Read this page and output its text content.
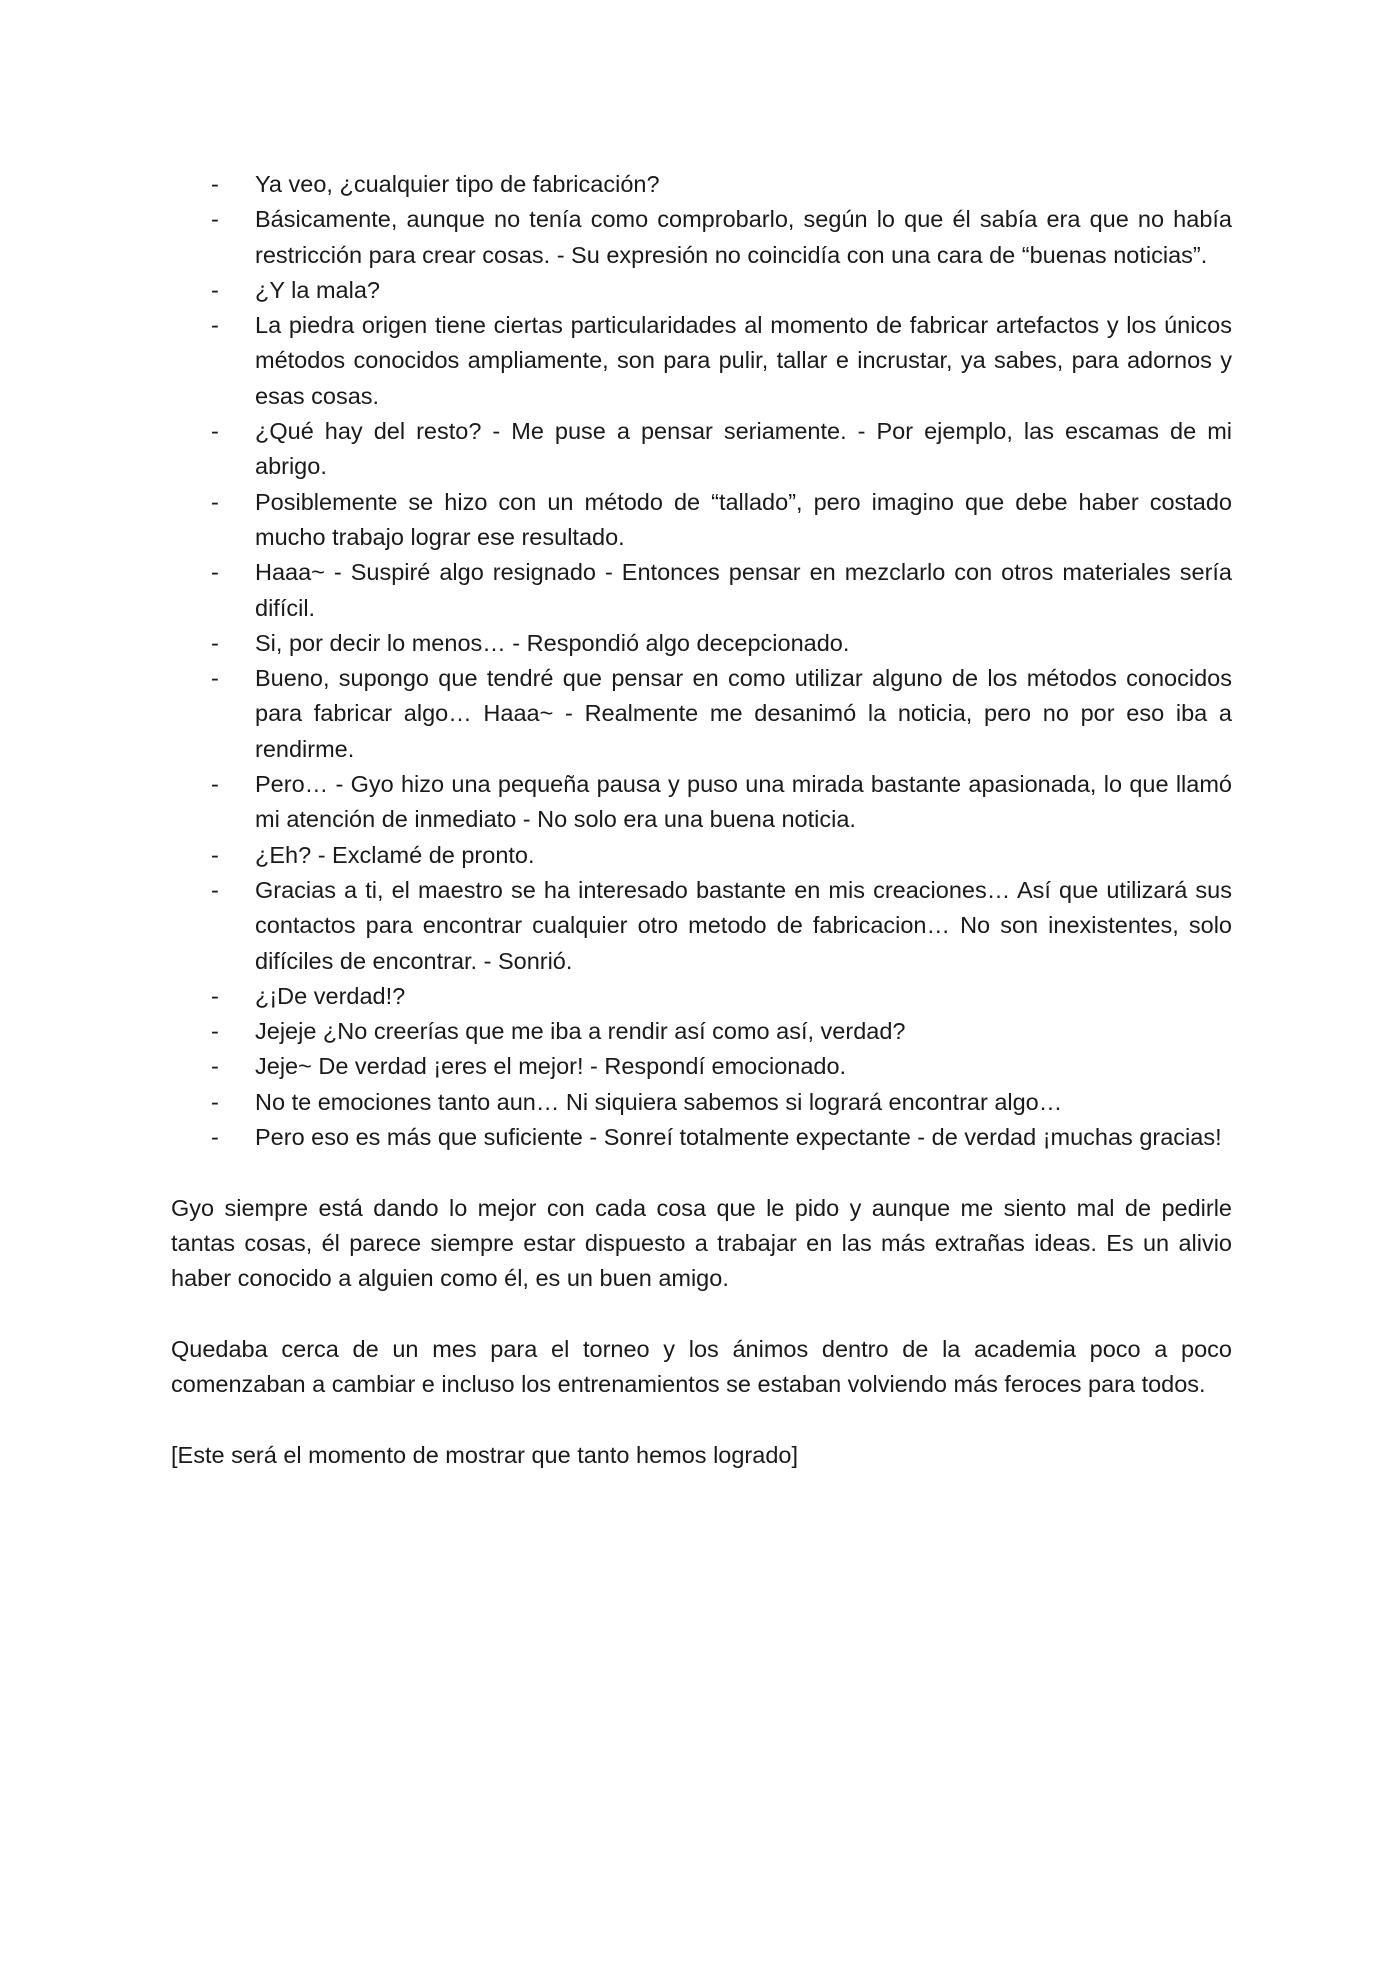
- Ya veo, ¿cualquier tipo de fabricación?
- Básicamente, aunque no tenía como comprobarlo, según lo que él sabía era que no había restricción para crear cosas. - Su expresión no coincidía con una cara de “buenas noticias”.
- ¿Y la mala?
- La piedra origen tiene ciertas particularidades al momento de fabricar artefactos y los únicos métodos conocidos ampliamente, son para pulir, tallar e incrustar, ya sabes, para adornos y esas cosas.
- ¿Qué hay del resto? - Me puse a pensar seriamente. - Por ejemplo, las escamas de mi abrigo.
- Posiblemente se hizo con un método de “tallado”, pero imagino que debe haber costado mucho trabajo lograr ese resultado.
- Haaa~ - Suspiré algo resignado - Entonces pensar en mezclarlo con otros materiales sería difícil.
- Si, por decir lo menos… - Respondió algo decepcionado.
- Bueno, supongo que tendré que pensar en como utilizar alguno de los métodos conocidos para fabricar algo… Haaa~ - Realmente me desanimó la noticia, pero no por eso iba a rendirme.
- Pero… - Gyo hizo una pequeña pausa y puso una mirada bastante apasionada, lo que llamó mi atención de inmediato - No solo era una buena noticia.
- ¿Eh? - Exclamé de pronto.
- Gracias a ti, el maestro se ha interesado bastante en mis creaciones… Así que utilizará sus contactos para encontrar cualquier otro metodo de fabricacion… No son inexistentes, solo difíciles de encontrar. - Sonrió.
- ¿¡De verdad!?
- Jejeje ¿No creerías que me iba a rendir así como así, verdad?
- Jeje~ De verdad ¡eres el mejor! - Respondí emocionado.
- No te emociones tanto aun… Ni siquiera sabemos si logrará encontrar algo…
- Pero eso es más que suficiente - Sonreí totalmente expectante - de verdad ¡muchas gracias!

Gyo siempre está dando lo mejor con cada cosa que le pido y aunque me siento mal de pedirle tantas cosas, él parece siempre estar dispuesto a trabajar en las más extrañas ideas. Es un alivio haber conocido a alguien como él, es un buen amigo.

Quedaba cerca de un mes para el torneo y los ánimos dentro de la academia poco a poco comenzaban a cambiar e incluso los entrenamientos se estaban volviendo más feroces para todos.

[Este será el momento de mostrar que tanto hemos logrado]
